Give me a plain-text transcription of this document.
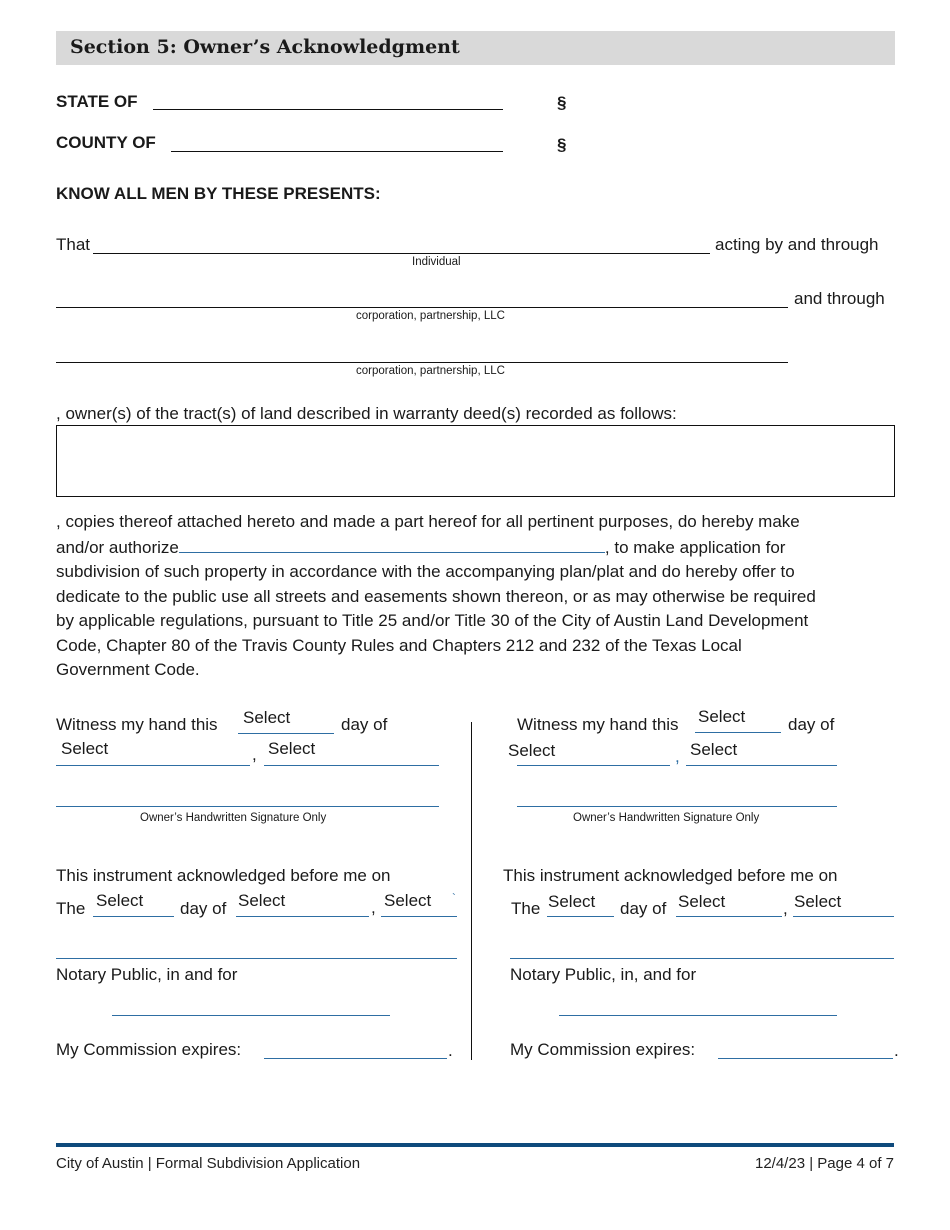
Section 5: Owner’s Acknowledgment
STATE OF	§
COUNTY OF	§
KNOW ALL MEN BY THESE PRESENTS:
That	acting by and through
Individual
and through
corporation, partnership, LLC
corporation, partnership, LLC
, owner(s) of the tract(s) of land described in warranty deed(s) recorded as follows:
, copies thereof attached hereto and made a part hereof for all pertinent purposes, do hereby make
and/or authorize	, to make application for
subdivision of such property in accordance with the accompanying plan/plat and do hereby offer to
dedicate to the public use all streets and easements shown thereon, or as may otherwise be required
by applicable regulations, pursuant to Title 25 and/or Title 30 of the City of Austin Land Development
Code, Chapter 80 of the Travis County Rules and Chapters 212 and 232 of the Texas Local
Government Code.
Witness my hand this Select	day of
Select	, Select
Owner’s Handwritten Signature Only
This instrument acknowledged before me on
The Select day of Select	, Select `
Notary Public, in and for
My Commission expires:	.
Witness my hand this Select	day of
Select	, Select
Owner’s Handwritten Signature Only
This instrument acknowledged before me on
The Select day of Select	, Select
Notary Public, in, and for
My Commission expires:	.
City of Austin | Formal Subdivision Application	12/4/23 | Page 4 of 7
